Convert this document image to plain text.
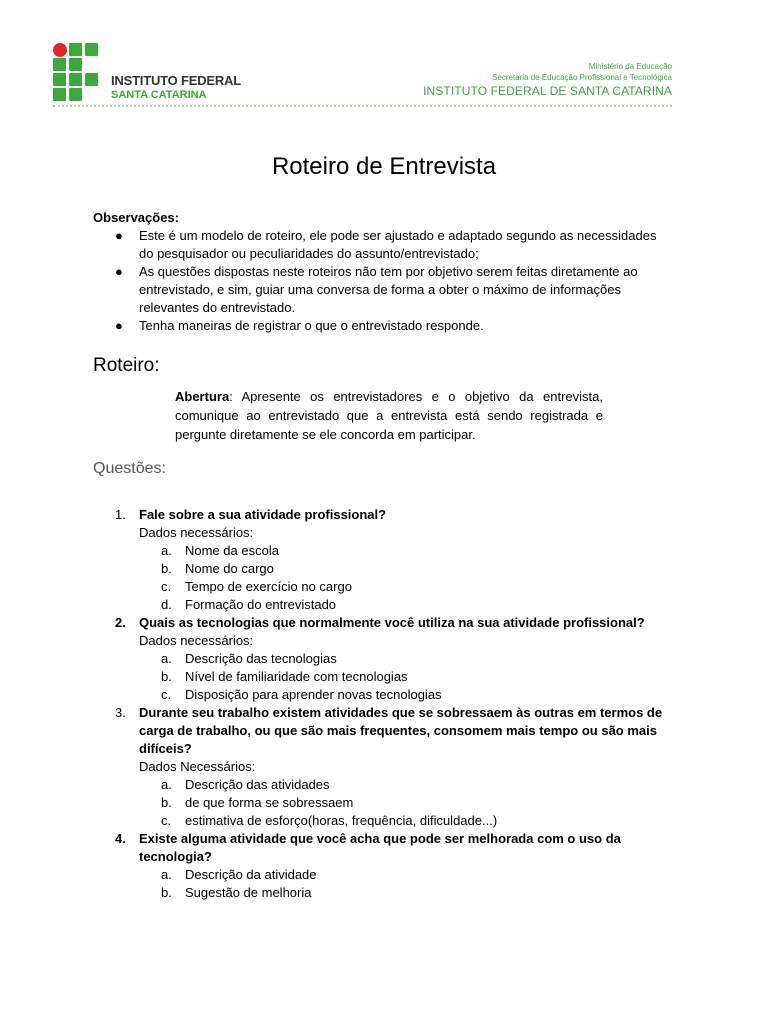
INSTITUTO FEDERAL
SANTA CATARINA
Ministério da Educação
Secretaria de Educação Profissional e Tecnológica
INSTITUTO FEDERAL DE SANTA CATARINA
Roteiro de Entrevista
Observações:
● Este é um modelo de roteiro, ele pode ser ajustado e adaptado segundo as necessidades do pesquisador ou peculiaridades do assunto/entrevistado;
● As questões dispostas neste roteiros não tem por objetivo serem feitas diretamente ao entrevistado, e sim, guiar uma conversa de forma a obter o máximo de informações relevantes do entrevistado.
● Tenha maneiras de registrar o que o entrevistado responde.
Roteiro:
Abertura: Apresente os entrevistadores e o objetivo da entrevista, comunique ao entrevistado que a entrevista está sendo registrada e pergunte diretamente se ele concorda em participar.
Questões:
1. Fale sobre a sua atividade profissional?
Dados necessários:
a. Nome da escola
b. Nome do cargo
c. Tempo de exercício no cargo
d. Formação do entrevistado
2. Quais as tecnologias que normalmente você utiliza na sua atividade profissional?
Dados necessários:
a. Descrição das tecnologias
b. Nível de familiaridade com tecnologias
c. Disposição para aprender novas tecnologias
3. Durante seu trabalho existem atividades que se sobressaem às outras em termos de carga de trabalho, ou que são mais frequentes, consomem mais tempo ou são mais difíceis?
Dados Necessários:
a. Descrição das atividades
b. de que forma se sobressaem
c. estimativa de esforço(horas, frequência, dificuldade...)
4. Existe alguma atividade que você acha que pode ser melhorada com o uso da tecnologia?
a. Descrição da atividade
b. Sugestão de melhoria
